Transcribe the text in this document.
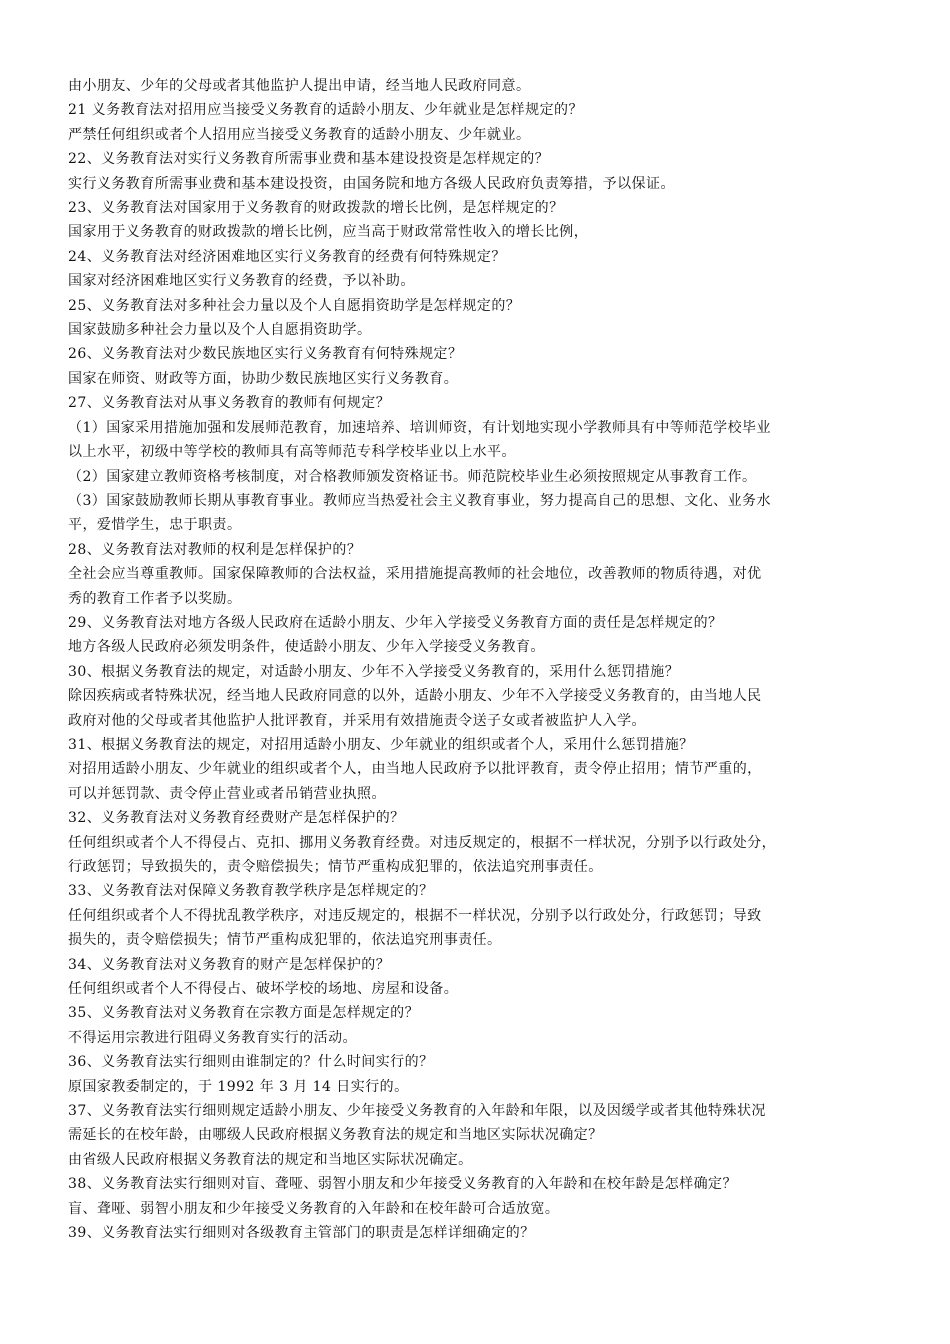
由小朋友、少年的父母或者其他监护人提出申请，经当地人民政府同意。
21 义务教育法对招用应当接受义务教育的适龄小朋友、少年就业是怎样规定的？
严禁任何组织或者个人招用应当接受义务教育的适龄小朋友、少年就业。
22、义务教育法对实行义务教育所需事业费和基本建设投资是怎样规定的？
实行义务教育所需事业费和基本建设投资，由国务院和地方各级人民政府负责筹措，予以保证。
23、义务教育法对国家用于义务教育的财政拨款的增长比例，是怎样规定的？
国家用于义务教育的财政拨款的增长比例，应当高于财政常常性收入的增长比例，
24、义务教育法对经济困难地区实行义务教育的经费有何特殊规定？
国家对经济困难地区实行义务教育的经费，予以补助。
25、义务教育法对多种社会力量以及个人自愿捐资助学是怎样规定的？
国家鼓励多种社会力量以及个人自愿捐资助学。
26、义务教育法对少数民族地区实行义务教育有何特殊规定？
国家在师资、财政等方面，协助少数民族地区实行义务教育。
27、义务教育法对从事义务教育的教师有何规定？
（1）国家采用措施加强和发展师范教育，加速培养、培训师资，有计划地实现小学教师具有中等师范学校毕业
以上水平，初级中等学校的教师具有高等师范专科学校毕业以上水平。
（2）国家建立教师资格考核制度，对合格教师颁发资格证书。师范院校毕业生必须按照规定从事教育工作。
（3）国家鼓励教师长期从事教育事业。教师应当热爱社会主义教育事业，努力提高自己的思想、文化、业务水
平，爱惜学生，忠于职责。
28、义务教育法对教师的权利是怎样保护的？
全社会应当尊重教师。国家保障教师的合法权益，采用措施提高教师的社会地位，改善教师的物质待遇，对优
秀的教育工作者予以奖励。
29、义务教育法对地方各级人民政府在适龄小朋友、少年入学接受义务教育方面的责任是怎样规定的？
地方各级人民政府必须发明条件，使适龄小朋友、少年入学接受义务教育。
30、根据义务教育法的规定，对适龄小朋友、少年不入学接受义务教育的，采用什么惩罚措施？
除因疾病或者特殊状况，经当地人民政府同意的以外，适龄小朋友、少年不入学接受义务教育的，由当地人民
政府对他的父母或者其他监护人批评教育，并采用有效措施责令送子女或者被监护人入学。
31、根据义务教育法的规定，对招用适龄小朋友、少年就业的组织或者个人，采用什么惩罚措施？
对招用适龄小朋友、少年就业的组织或者个人，由当地人民政府予以批评教育，责令停止招用；情节严重的，
可以并惩罚款、责令停止营业或者吊销营业执照。
32、义务教育法对义务教育经费财产是怎样保护的？
任何组织或者个人不得侵占、克扣、挪用义务教育经费。对违反规定的，根据不一样状况，分别予以行政处分，
行政惩罚；导致损失的，责令赔偿损失；情节严重构成犯罪的，依法追究刑事责任。
33、义务教育法对保障义务教育教学秩序是怎样规定的？
任何组织或者个人不得扰乱教学秩序，对违反规定的，根据不一样状况，分别予以行政处分，行政惩罚；导致
损失的，责令赔偿损失；情节严重构成犯罪的，依法追究刑事责任。
34、义务教育法对义务教育的财产是怎样保护的？
任何组织或者个人不得侵占、破坏学校的场地、房屋和设备。
35、义务教育法对义务教育在宗教方面是怎样规定的？
不得运用宗教进行阻碍义务教育实行的活动。
36、义务教育法实行细则由谁制定的？什么时间实行的？
原国家教委制定的，于 1992 年 3 月 14 日实行的。
37、义务教育法实行细则规定适龄小朋友、少年接受义务教育的入年龄和年限，以及因缓学或者其他特殊状况
需延长的在校年龄，由哪级人民政府根据义务教育法的规定和当地区实际状况确定？
由省级人民政府根据义务教育法的规定和当地区实际状况确定。
38、义务教育法实行细则对盲、聋哑、弱智小朋友和少年接受义务教育的入年龄和在校年龄是怎样确定？
盲、聋哑、弱智小朋友和少年接受义务教育的入年龄和在校年龄可合适放宽。
39、义务教育法实行细则对各级教育主管部门的职责是怎样详细确定的？
